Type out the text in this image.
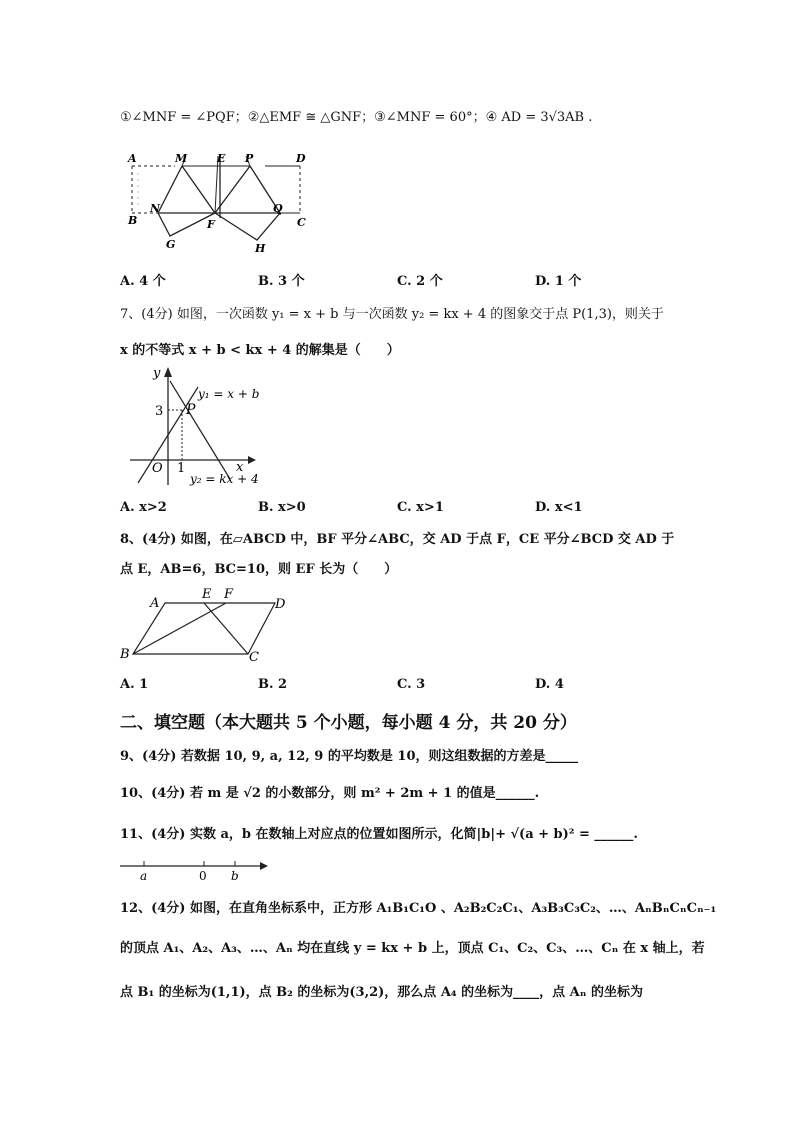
①∠MNF = ∠PQF；②△EMF ≅ △GNF；③∠MNF = 60°；④ AD = 3√3AB .
A	M	E P	D
B
N
F
Q
C
G	H
A. 4 个	B. 3 个	C. 2 个	D. 1 个
7、(4分) 如图，一次函数 y₁ = x + b 与一次函数 y₂ = kx + 4 的图象交于点 P(1,3)，则关于
x 的不等式 x + b < kx + 4 的解集是（　　）
y
x
O 1
3 P
y₁ = x + b
y₂ = kx + 4
A. x>2	B. x>0	C. x>1	D. x<1
8、(4分) 如图，在▱ABCD 中，BF 平分∠ABC，交 AD 于点 F，CE 平分∠BCD 交 AD 于
点 E，AB=6，BC=10，则 EF 长为（　　）
A
E F
D
B	C
A. 1	B. 2	C. 3	D. 4
二、填空题（本大题共 5 个小题，每小题 4 分，共 20 分）
9、(4分) 若数据 10, 9, a, 12, 9 的平均数是 10，则这组数据的方差是_____
10、(4分) 若 m 是 √2 的小数部分，则 m² + 2m + 1 的值是______.
11、(4分) 实数 a，b 在数轴上对应点的位置如图所示，化简|b|+ √(a + b)² = ______.
a	0 b
12、(4分) 如图，在直角坐标系中，正方形 A₁B₁C₁O 、A₂B₂C₂C₁、A₃B₃C₃C₂、…、AₙBₙCₙCₙ₋₁
的顶点 A₁、A₂、A₃、…、Aₙ 均在直线 y = kx + b 上，顶点 C₁、C₂、C₃、…、Cₙ 在 x 轴上，若
点 B₁ 的坐标为(1,1)，点 B₂ 的坐标为(3,2)，那么点 A₄ 的坐标为____，点 Aₙ 的坐标为
